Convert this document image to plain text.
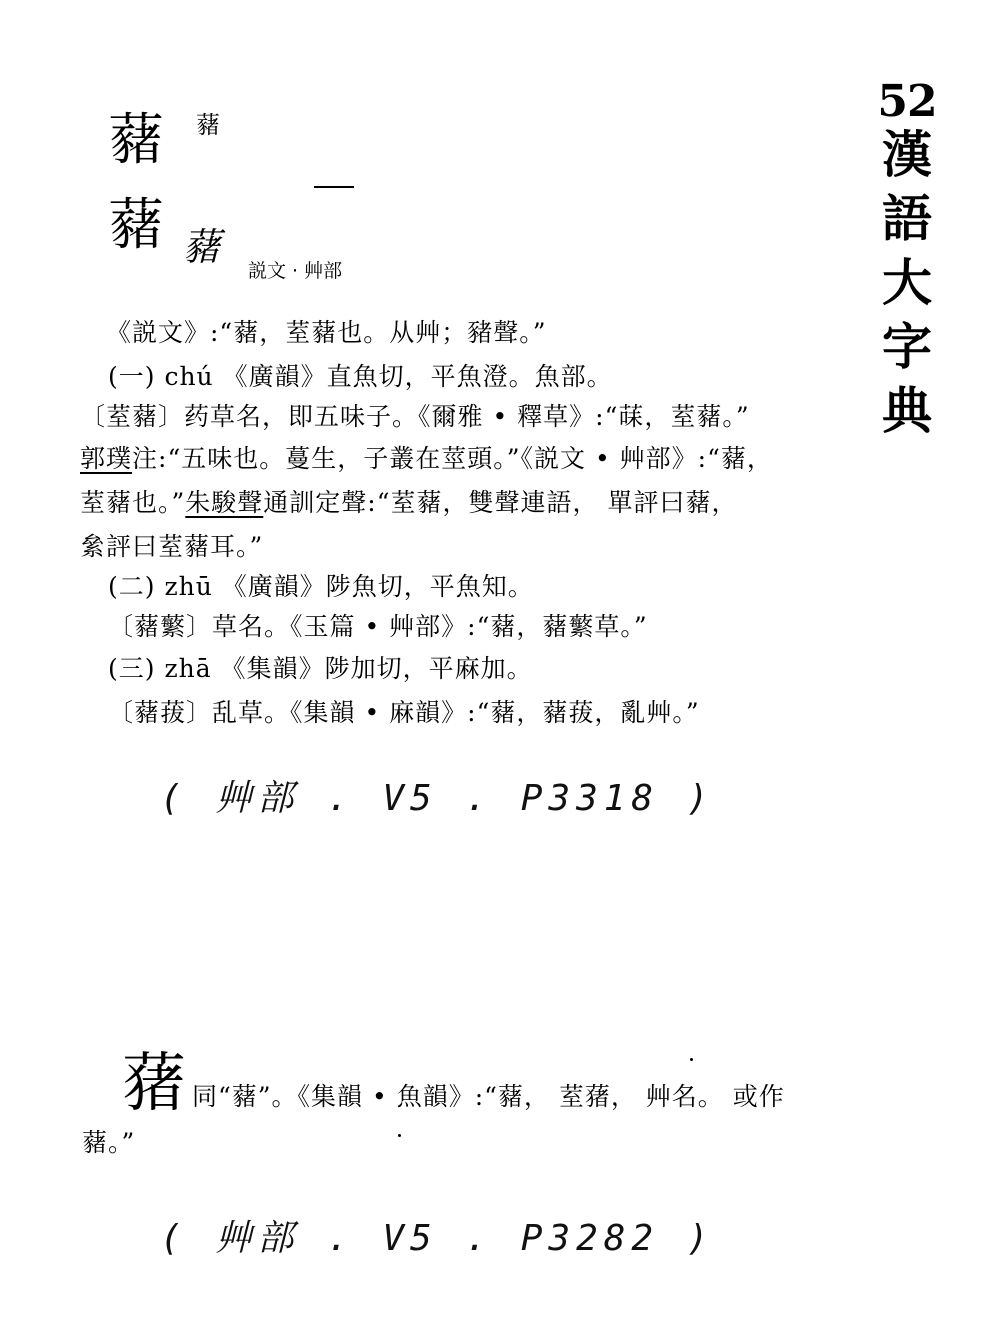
藸 藸
藸 藸
説文 · 艸部
52
漢
語
大
字
典
《説文》:“藸，荎藸也。从艸；豬聲。”
(一) chú 《廣韻》直魚切，平魚澄。魚部。
〔荎藸〕药草名，即五味子。《爾雅 • 釋草》:“菋，荎藸。”
郭璞注:“五味也。蔓生，子叢在莖頭。”《説文 • 艸部》:“藸，
荎藸也。”朱駿聲通訓定聲:“荎藸，雙聲連語， 單評曰藸，
絫評曰荎藸耳。”
(二) zhū 《廣韻》陟魚切，平魚知。
〔藸蘩〕草名。《玉篇 • 艸部》:“藸，藸蘩草。”
(三) zhā 《集韻》陟加切，平麻加。
〔藸菝〕乱草。《集韻 • 麻韻》:“藸，藸菝，亂艸。”
( 艸部 . V5 . P3318 )
蕏 同“藸”。《集韻 • 魚韻》:“藸， 荎蕏， 艸名。 或作
藸。”
( 艸部 . V5 . P3282 )
